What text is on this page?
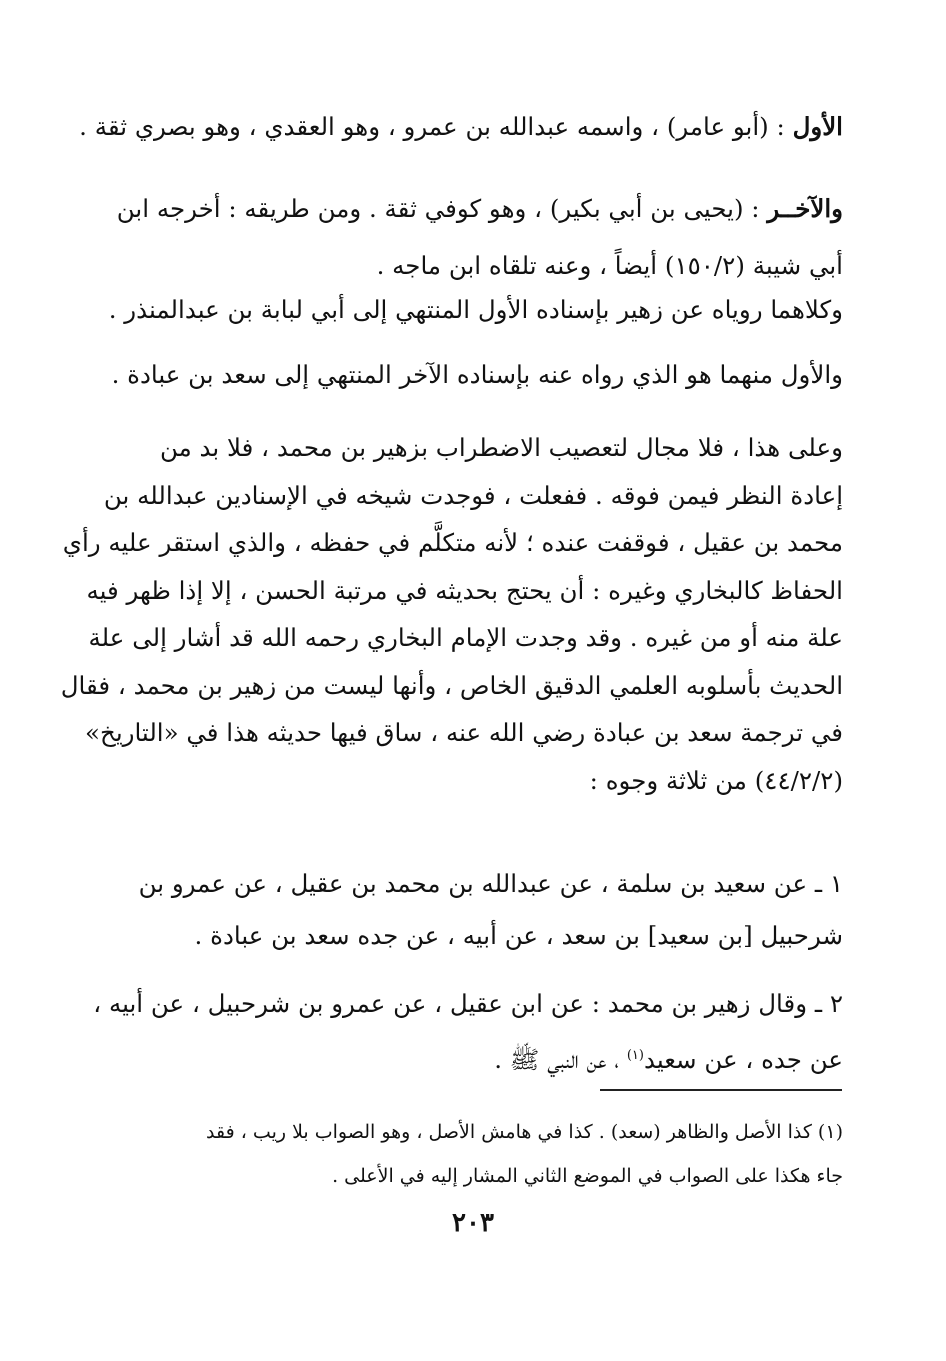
الأول : (أبو عامر) ، واسمه عبدالله بن عمرو ، وهو العقدي ، وهو بصري ثقة .

والآخــر : (يحيى بن أبي بكير) ، وهو كوفي ثقة . ومن طريقه : أخرجه ابن
أبي شيبة (١٥٠/٢) أيضاً ، وعنه تلقاه ابن ماجه .

وكلاهما روياه عن زهير بإسناده الأول المنتهي إلى أبي لبابة بن عبدالمنذر .

والأول منهما هو الذي رواه عنه بإسناده الآخر المنتهي إلى سعد بن عبادة .

وعلى هذا ، فلا مجال لتعصيب الاضطراب بزهير بن محمد ، فلا بد من
إعادة النظر فيمن فوقه . ففعلت ، فوجدت شيخه في الإسنادين عبدالله بن
محمد بن عقيل ، فوقفت عنده ؛ لأنه متكلَّم في حفظه ، والذي استقر عليه رأي
الحفاظ كالبخاري وغيره : أن يحتج بحديثه في مرتبة الحسن ، إلا إذا ظهر فيه
علة منه أو من غيره . وقد وجدت الإمام البخاري رحمه الله قد أشار إلى علة
الحديث بأسلوبه العلمي الدقيق الخاص ، وأنها ليست من زهير بن محمد ، فقال
في ترجمة سعد بن عبادة رضي الله عنه ، ساق فيها حديثه هذا في «التاريخ»
(٤٤/٢/٢) من ثلاثة وجوه :

١ ـ عن سعيد بن سلمة ، عن عبدالله بن محمد بن عقيل ، عن عمرو بن
شرحبيل [بن سعيد] بن سعد ، عن أبيه ، عن جده سعد بن عبادة .

٢ ـ وقال زهير بن محمد : عن ابن عقيل ، عن عمرو بن شرحبيل ، عن أبيه ،
عن جده ، عن سعيد$^{(١)}$ ، عن النبي ﷺ .

(١) كذا الأصل والظاهر (سعد) . كذا في هامش الأصل ، وهو الصواب بلا ريب ، فقد
جاء هكذا على الصواب في الموضع الثاني المشار إليه في الأعلى .

٢٠٣
